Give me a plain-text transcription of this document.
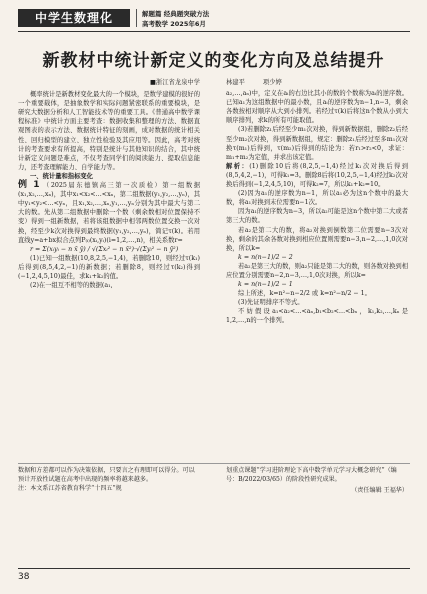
中学生数理化	解题篇 经典题突破方法
高考数学 2025年6月
新教材中统计新定义的变化方向及总结提升
■浙江省龙泉中学

概率统计是新教材变化最大的一个模块，是数学建模的很好的一个重要载体，是抽象数学和实际问题紧密联系的重要模块，是研究大数据分析和人工智能技术等的重要工具。《普通高中数学课程标准》中统计方面主要考查：数据收集和整理的方法、数据直观图表的表示方法、数据统计特征的刻画，成对数据的统计相关性、回归模型的建立、独立性检验及其应用等。因此，高考对统计的考查要求有所提高，特别是统计与其他知识的结合，其中统计新定义问题是难点，不仅考查同学们的阅读能力、提取信息能力，还考查理解能力、自学能力等。

一、统计量和指标变化

例 1 （2025届东德镇高三第一次质检）第一组数据(x₁,x₂,…,xₙ)，其中x₁<x₂<…<xₙ，第二组数据(y₁,y₂,…,yₙ)，其中y₁<y₂<…<yₙ，且x₁,x₂,…,xₙ,y₁,…,yₙ分别为其中最大与第二大的数。先从第二组数据中删除一个数（剩余数相对位置保持不变）得到一组新数据，若将该组数据中相邻两数位置交换一次对换，经至少k次对换得到最终数据(y₁,y₂,…,yₙ)，简记τ(k)。若用直线y=a+bx拟合点列P₍ᵢ₎(xᵢ,yᵢ)(i=1,2,…,n)，相关系数r=

r = Σ(xᵢyᵢ − n x̄ ȳ) / √(Σxᵢ² − n x̄²)·√(Σyᵢ² − n ȳ²)

(1)已知一组数据(10,8,2,5,−1,4)，若删除10，则经过τ(k₁)后得到(8,5,4,2,−1)的新数据；若删除8，则经过τ(k₂)得到(−1,2,4,5,10)最佳，求k₁+k₂的值。

(2)在一组互不相等的数据(a₁,

林建平	项少婷

a₂,…,aₙ)中，定义在aᵢ的右边比其小的数的个数称为aᵢ的逆序数。已知a₁为这组数据中的最小数，且aᵢ的逆序数为n−1,n−3，剩余各数按相对顺序从大到小排列。若经过τ(k)后将这n个数从小到大顺序排列，求k的所有可能取值。

(3)若删除z₁后经至少m₁次对换，得到新数据组，删除z₂后经至少m₂次对换，得到新数据组，规定：删除z₁后经过至多m₁次对换τ(m₁)后得到，τ(m₂)后得到的结论为：若r₁>r₂<0，求证：m₁+m₂为定值，并求出该定值。

解析：(1)删除10后将(8,2,5,−1,4)经过k₁次对换后得到(8,5,4,2,−1)，可得k₁=3。删除8后将(10,2,5,−1,4)经过k₂次对换后得到(−1,2,4,5,10)，可得k₂=7，所以k₁+k₂=10。

(2)因为a₁的逆序数为n−1，所以a₁必为这n个数中的最大数，将a₁对换到末位需要n−1次。

因为a₁的逆序数为n−3，所以a₂可能是这n个数中第二大或者第三大的数。

若a₂是第二大的数，将a₂对换到倒数第二位需要n−3次对换，剩余的其余各数对换到相应位置则需要n−3,n−2,…,1,0次对换，所以k=

k = n(n−1)/2 − 2

若a₂是第三大的数，则a₂只能是第二大的数，则各数对换到相应位置分别需要n−2,n−3,…,1,0次对换，所以k=

k = n(n−1)/2 − 1

综上所述，k=n²−n−2/2 或 k=n²−n/2 − 1。

(3)先证明排序不等式。

不妨假设a₁<a₂<…<aₙ,b₁<b₂<…<bₙ，k₁,k₂,…,kₙ是1,2,…,n的一个排列。

数据和方差都可以作为决策依据，只要言之有理即可以得分。可以预计开放性试题在高考中出现的频率将越来越多。
注：本文系江苏省教育科学“十四五”规
划重点课题“学习进阶理论下高中数学单元学习大概念研究”（编号：B/2022/03/65）的阶段性研究成果。
（责任编辑 王福华）
38
